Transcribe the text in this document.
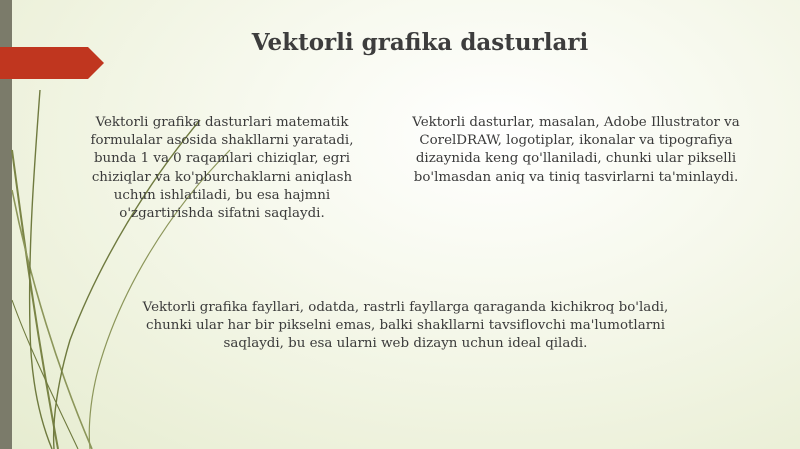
Vektorli grafika dasturlari

Vektorli grafika dasturlari matematik formulalar asosida shakllarni yaratadi, bunda 1 va 0 raqamlari chiziqlar, egri chiziqlar va ko'pburchaklarni aniqlash uchun ishlatiladi, bu esa hajmni o'zgartirishda sifatni saqlaydi.

Vektorli dasturlar, masalan, Adobe Illustrator va CorelDRAW, logotiplar, ikonalar va tipografiya dizaynida keng qo'llaniladi, chunki ular pikselli bo'lmasdan aniq va tiniq tasvirlarni ta'minlaydi.

Vektorli grafika fayllari, odatda, rastrli fayllarga qaraganda kichikroq bo'ladi, chunki ular har bir pikselni emas, balki shakllarni tavsiflovchi ma'lumotlarni saqlaydi, bu esa ularni web dizayn uchun ideal qiladi.
